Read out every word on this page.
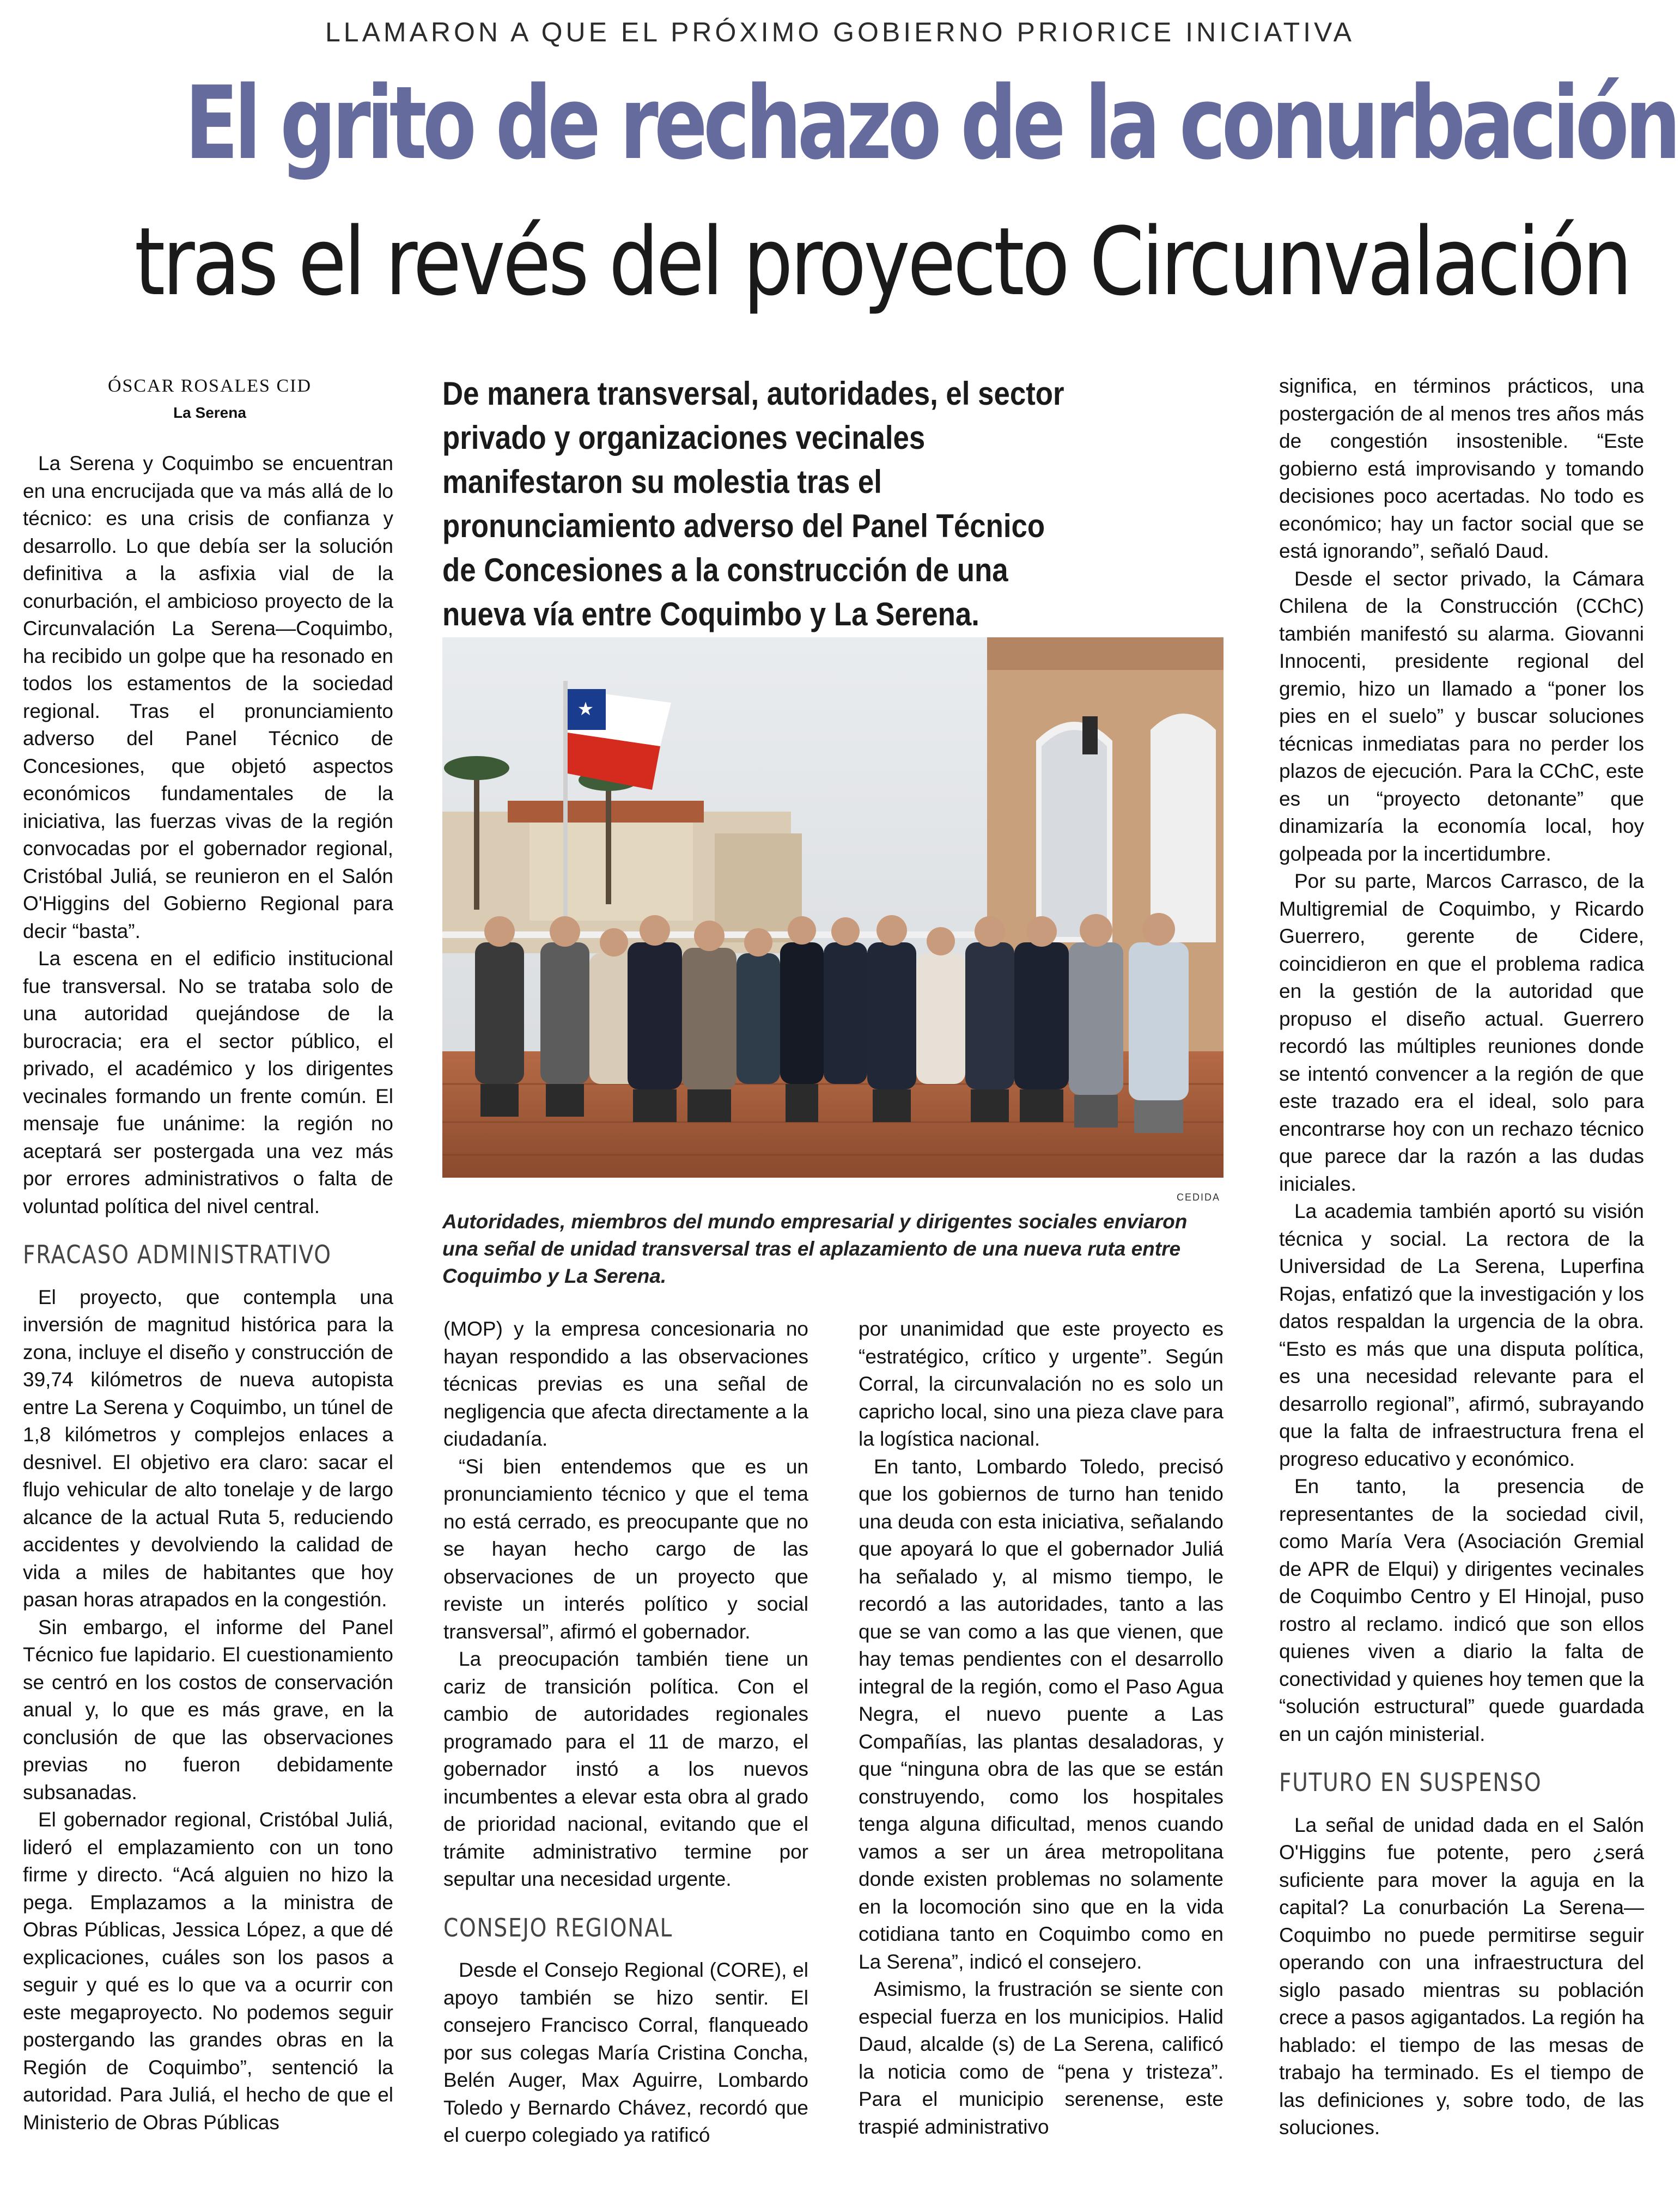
LLAMARON A QUE EL PRÓXIMO GOBIERNO PRIORICE INICIATIVA
El grito de rechazo de la conurbación
tras el revés del proyecto Circunvalación
ÓSCAR ROSALES CID
La Serena

La Serena y Coquimbo se encuentran en una encrucijada que va más allá de lo técnico: es una crisis de confianza y desarrollo. Lo que debía ser la solución definitiva a la asfixia vial de la conurbación, el ambicioso proyecto de la Circunvalación La Serena—Coquimbo, ha recibido un golpe que ha resonado en todos los estamentos de la sociedad regional. Tras el pronunciamiento adverso del Panel Técnico de Concesiones, que objetó aspectos económicos fundamentales de la iniciativa, las fuerzas vivas de la región convocadas por el gobernador regional, Cristóbal Juliá, se reunieron en el Salón O'Higgins del Gobierno Regional para decir “basta”.

La escena en el edificio institucional fue transversal. No se trataba solo de una autoridad quejándose de la burocracia; era el sector público, el privado, el académico y los dirigentes vecinales formando un frente común. El mensaje fue unánime: la región no aceptará ser postergada una vez más por errores administrativos o falta de voluntad política del nivel central.

FRACASO ADMINISTRATIVO

El proyecto, que contempla una inversión de magnitud histórica para la zona, incluye el diseño y construcción de 39,74 kilómetros de nueva autopista entre La Serena y Coquimbo, un túnel de 1,8 kilómetros y complejos enlaces a desnivel. El objetivo era claro: sacar el flujo vehicular de alto tonelaje y de largo alcance de la actual Ruta 5, reduciendo accidentes y devolviendo la calidad de vida a miles de habitantes que hoy pasan horas atrapados en la congestión.

Sin embargo, el informe del Panel Técnico fue lapidario. El cuestionamiento se centró en los costos de conservación anual y, lo que es más grave, en la conclusión de que las observaciones previas no fueron debidamente subsanadas.

El gobernador regional, Cristóbal Juliá, lideró el emplazamiento con un tono firme y directo. “Acá alguien no hizo la pega. Emplazamos a la ministra de Obras Públicas, Jessica López, a que dé explicaciones, cuáles son los pasos a seguir y qué es lo que va a ocurrir con este megaproyecto. No podemos seguir postergando las grandes obras en la Región de Coquimbo”, sentenció la autoridad. Para Juliá, el hecho de que el Ministerio de Obras Públicas

De manera transversal, autoridades, el sector privado y organizaciones vecinales manifestaron su molestia tras el pronunciamiento adverso del Panel Técnico de Concesiones a la construcción de una nueva vía entre Coquimbo y La Serena.
★
CEDIDA
Autoridades, miembros del mundo empresarial y dirigentes sociales enviaron una señal de unidad transversal tras el aplazamiento de una nueva ruta entre Coquimbo y La Serena.

(MOP) y la empresa concesionaria no hayan respondido a las observaciones técnicas previas es una señal de negligencia que afecta directamente a la ciudadanía.

“Si bien entendemos que es un pronunciamiento técnico y que el tema no está cerrado, es preocupante que no se hayan hecho cargo de las observaciones de un proyecto que reviste un interés político y social transversal”, afirmó el gobernador.

La preocupación también tiene un cariz de transición política. Con el cambio de autoridades regionales programado para el 11 de marzo, el gobernador instó a los nuevos incumbentes a elevar esta obra al grado de prioridad nacional, evitando que el trámite administrativo termine por sepultar una necesidad urgente.

CONSEJO REGIONAL

Desde el Consejo Regional (CORE), el apoyo también se hizo sentir. El consejero Francisco Corral, flanqueado por sus colegas María Cristina Concha, Belén Auger, Max Aguirre, Lombardo Toledo y Bernardo Chávez, recordó que el cuerpo colegiado ya ratificó

por unanimidad que este proyecto es “estratégico, crítico y urgente”. Según Corral, la circunvalación no es solo un capricho local, sino una pieza clave para la logística nacional.

En tanto, Lombardo Toledo, precisó que los gobiernos de turno han tenido una deuda con esta iniciativa, señalando que apoyará lo que el gobernador Juliá ha señalado y, al mismo tiempo, le recordó a las autoridades, tanto a las que se van como a las que vienen, que hay temas pendientes con el desarrollo integral de la región, como el Paso Agua Negra, el nuevo puente a Las Compañías, las plantas desaladoras, y que “ninguna obra de las que se están construyendo, como los hospitales tenga alguna dificultad, menos cuando vamos a ser un área metropolitana donde existen problemas no solamente en la locomoción sino que en la vida cotidiana tanto en Coquimbo como en La Serena”, indicó el consejero.

Asimismo, la frustración se siente con especial fuerza en los municipios. Halid Daud, alcalde (s) de La Serena, calificó la noticia como de “pena y tristeza”. Para el municipio serenense, este traspié administrativo

significa, en términos prácticos, una postergación de al menos tres años más de congestión insostenible. “Este gobierno está improvisando y tomando decisiones poco acertadas. No todo es económico; hay un factor social que se está ignorando”, señaló Daud.

Desde el sector privado, la Cámara Chilena de la Construcción (CChC) también manifestó su alarma. Giovanni Innocenti, presidente regional del gremio, hizo un llamado a “poner los pies en el suelo” y buscar soluciones técnicas inmediatas para no perder los plazos de ejecución. Para la CChC, este es un “proyecto detonante” que dinamizaría la economía local, hoy golpeada por la incertidumbre.

Por su parte, Marcos Carrasco, de la Multigremial de Coquimbo, y Ricardo Guerrero, gerente de Cidere, coincidieron en que el problema radica en la gestión de la autoridad que propuso el diseño actual. Guerrero recordó las múltiples reuniones donde se intentó convencer a la región de que este trazado era el ideal, solo para encontrarse hoy con un rechazo técnico que parece dar la razón a las dudas iniciales.

La academia también aportó su visión técnica y social. La rectora de la Universidad de La Serena, Luperfina Rojas, enfatizó que la investigación y los datos respaldan la urgencia de la obra. “Esto es más que una disputa política, es una necesidad relevante para el desarrollo regional”, afirmó, subrayando que la falta de infraestructura frena el progreso educativo y económico.

En tanto, la presencia de representantes de la sociedad civil, como María Vera (Asociación Gremial de APR de Elqui) y dirigentes vecinales de Coquimbo Centro y El Hinojal, puso rostro al reclamo. indicó que son ellos quienes viven a diario la falta de conectividad y quienes hoy temen que la “solución estructural” quede guardada en un cajón ministerial.

FUTURO EN SUSPENSO

La señal de unidad dada en el Salón O'Higgins fue potente, pero ¿será suficiente para mover la aguja en la capital? La conurbación La Serena—Coquimbo no puede permitirse seguir operando con una infraestructura del siglo pasado mientras su población crece a pasos agigantados. La región ha hablado: el tiempo de las mesas de trabajo ha terminado. Es el tiempo de las definiciones y, sobre todo, de las soluciones.
